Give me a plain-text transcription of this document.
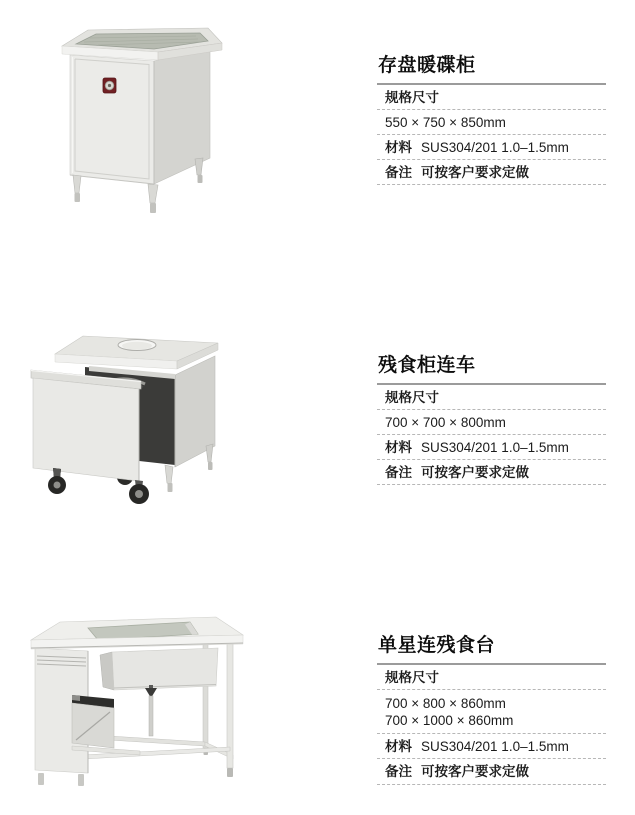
存盘暖碟柜
规格尺寸
550 × 750 × 850mm
材料 SUS304/201 1.0–1.5mm
备注 可按客户要求定做
残食柜连车
规格尺寸
700 × 700 × 800mm
材料 SUS304/201 1.0–1.5mm
备注 可按客户要求定做
单星连残食台
规格尺寸
700 × 800 × 860mm
700 × 1000 × 860mm
材料 SUS304/201 1.0–1.5mm
备注 可按客户要求定做
